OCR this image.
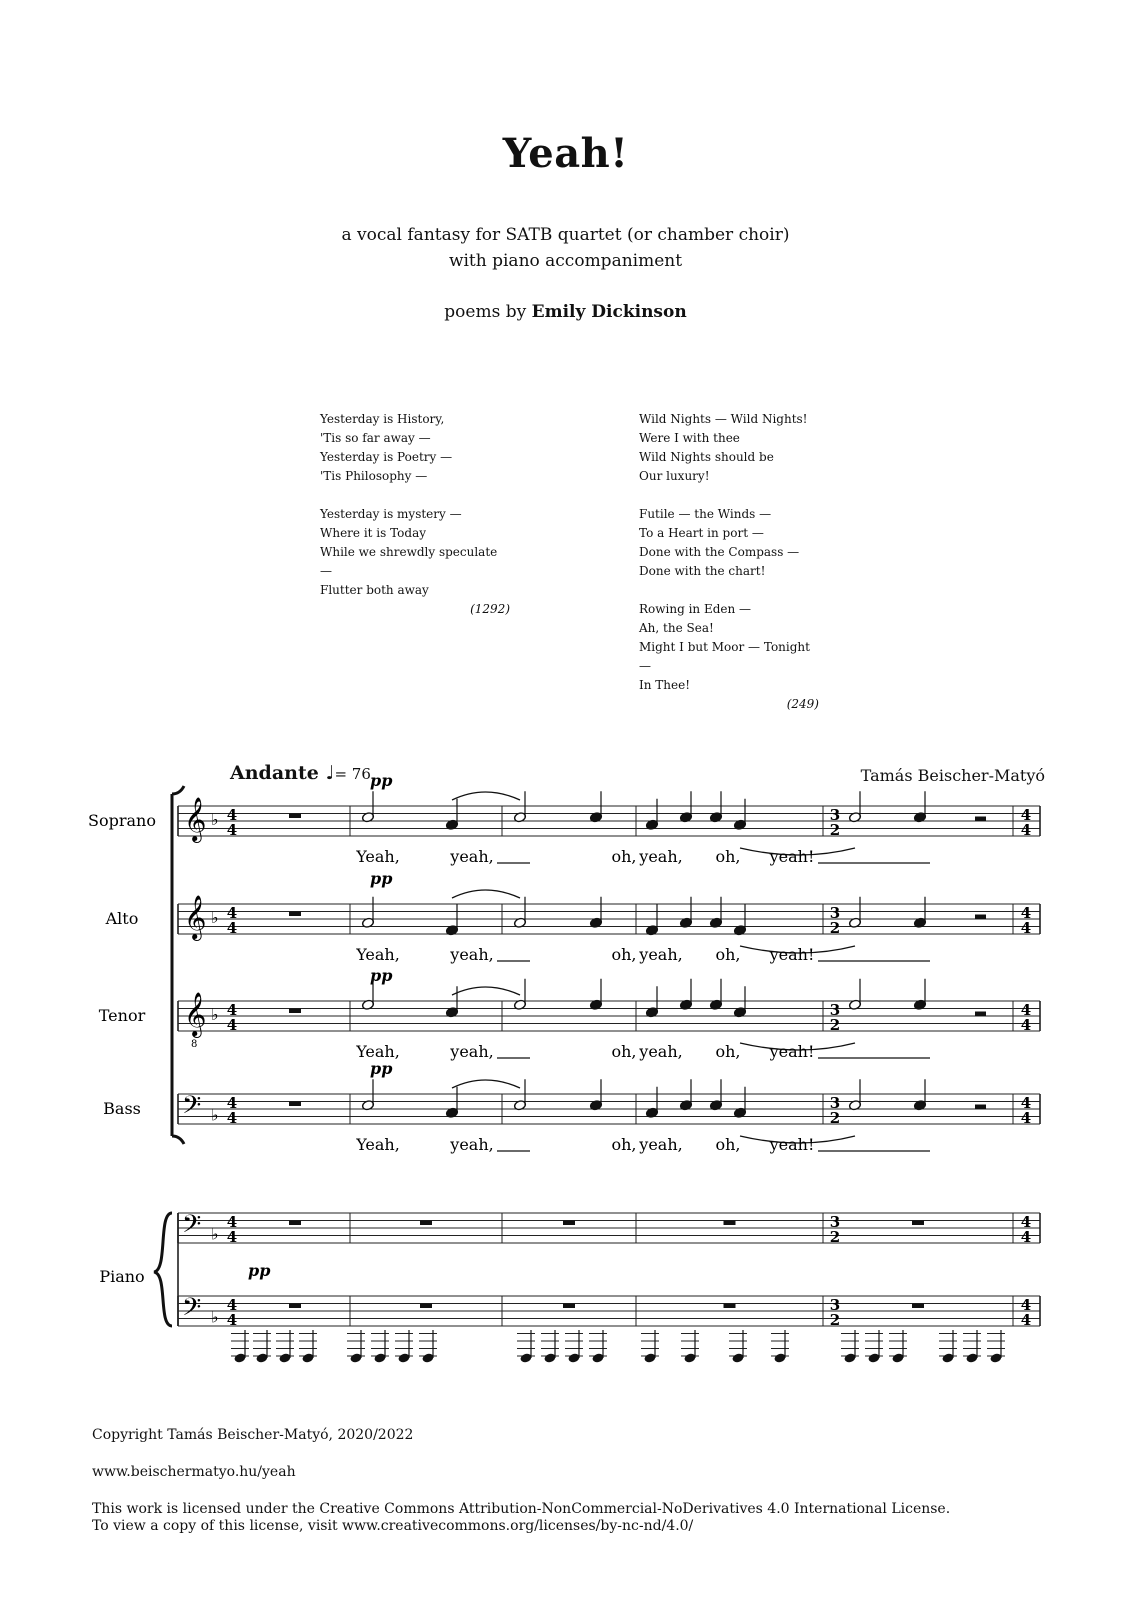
Yeah!
a vocal fantasy for SATB quartet (or chamber choir)
with piano accompaniment
poems by Emily Dickinson
Yesterday is History,
'Tis so far away —
Yesterday is Poetry —
'Tis Philosophy —
Yesterday is mystery —
Where it is Today
While we shrewdly speculate —
Flutter both away
(1292)
Wild Nights — Wild Nights!
Were I with thee
Wild Nights should be
Our luxury!
Futile — the Winds —
To a Heart in port —
Done with the Compass —
Done with the chart!
Rowing in Eden —
Ah, the Sea!
Might I but Moor — Tonight —
In Thee!
(249)
Andante ♩= 76	Tamás Beischer-Matyó
𝄞 ♭ 4
4
3
2
4
4
Soprano
𝄞 ♭ 4
4
3
2
4
4
Alto
𝄞
8
♭ 4
4
3
2
4
4
Tenor
𝄢 ♭
4
4
3
2
4
4
Bass
𝄢 ♭
4
4
3
2
4
4
𝄢 ♭
4
4
3
2
4
4
Piano
pp
pp
pp
pp
pp
Yeah,	yeah,	oh, yeah, oh, yeah!
Yeah,	yeah,	oh, yeah, oh, yeah!
Yeah,	yeah,	oh, yeah, oh, yeah!
Yeah,	yeah,	oh, yeah, oh, yeah!
Copyright Tamás Beischer-Matyó, 2020/2022
www.beischermatyo.hu/yeah
This work is licensed under the Creative Commons Attribution-NonCommercial-NoDerivatives 4.0 International License.
To view a copy of this license, visit www.creativecommons.org/licenses/by-nc-nd/4.0/
